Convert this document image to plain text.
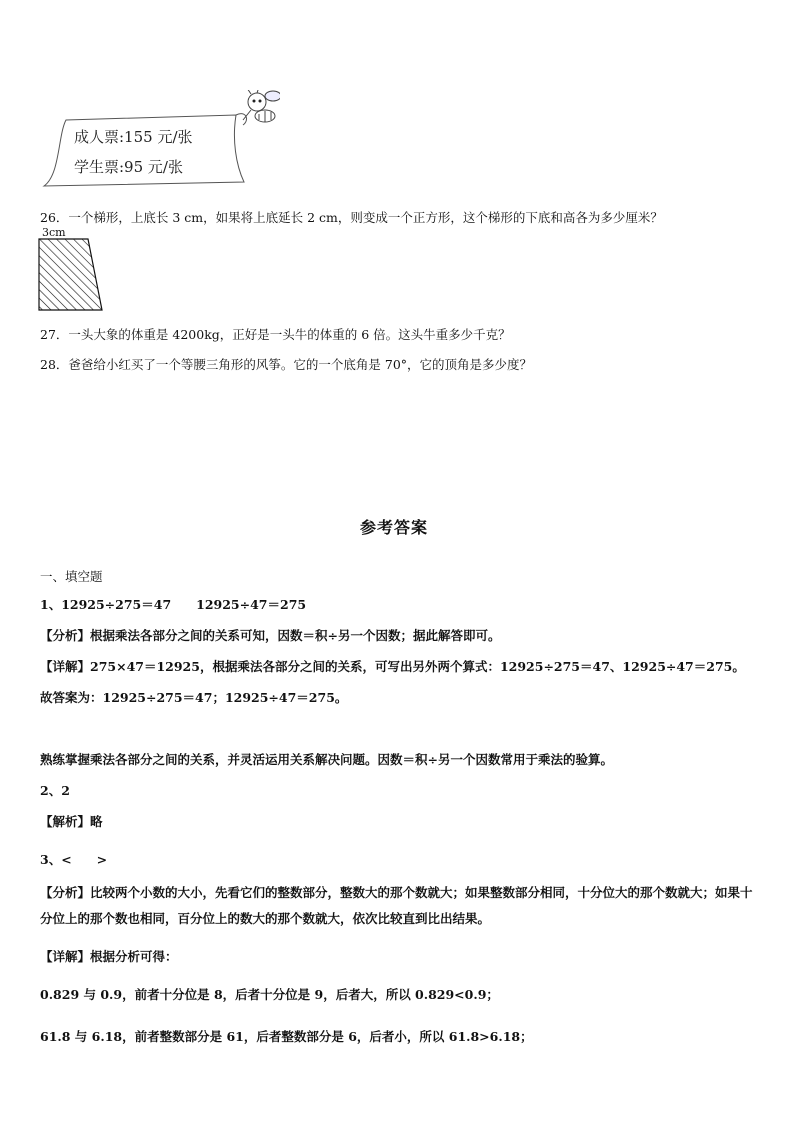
成人票:155 元/张
学生票:95 元/张
26．一个梯形，上底长 3 cm，如果将上底延长 2 cm，则变成一个正方形，这个梯形的下底和高各为多少厘米？
3cm
27．一头大象的体重是 4200kg，正好是一头牛的体重的 6 倍。这头牛重多少千克？
28．爸爸给小红买了一个等腰三角形的风筝。它的一个底角是 70°，它的顶角是多少度？
参考答案
一、填空题
1、12925÷275＝47　　12925÷47＝275
【分析】根据乘法各部分之间的关系可知，因数＝积÷另一个因数；据此解答即可。
【详解】275×47＝12925，根据乘法各部分之间的关系，可写出另外两个算式：12925÷275＝47、12925÷47＝275。
故答案为：12925÷275＝47；12925÷47＝275。
熟练掌握乘法各部分之间的关系，并灵活运用关系解决问题。因数＝积÷另一个因数常用于乘法的验算。
2、2
【解析】略
3、<　　>
【分析】比较两个小数的大小，先看它们的整数部分，整数大的那个数就大；如果整数部分相同，十分位大的那个数就大；如果十分位上的那个数也相同，百分位上的数大的那个数就大，依次比较直到比出结果。
【详解】根据分析可得：
0.829 与 0.9，前者十分位是 8，后者十分位是 9，后者大，所以 0.829<0.9；
61.8 与 6.18，前者整数部分是 61，后者整数部分是 6，后者小，所以 61.8>6.18；
